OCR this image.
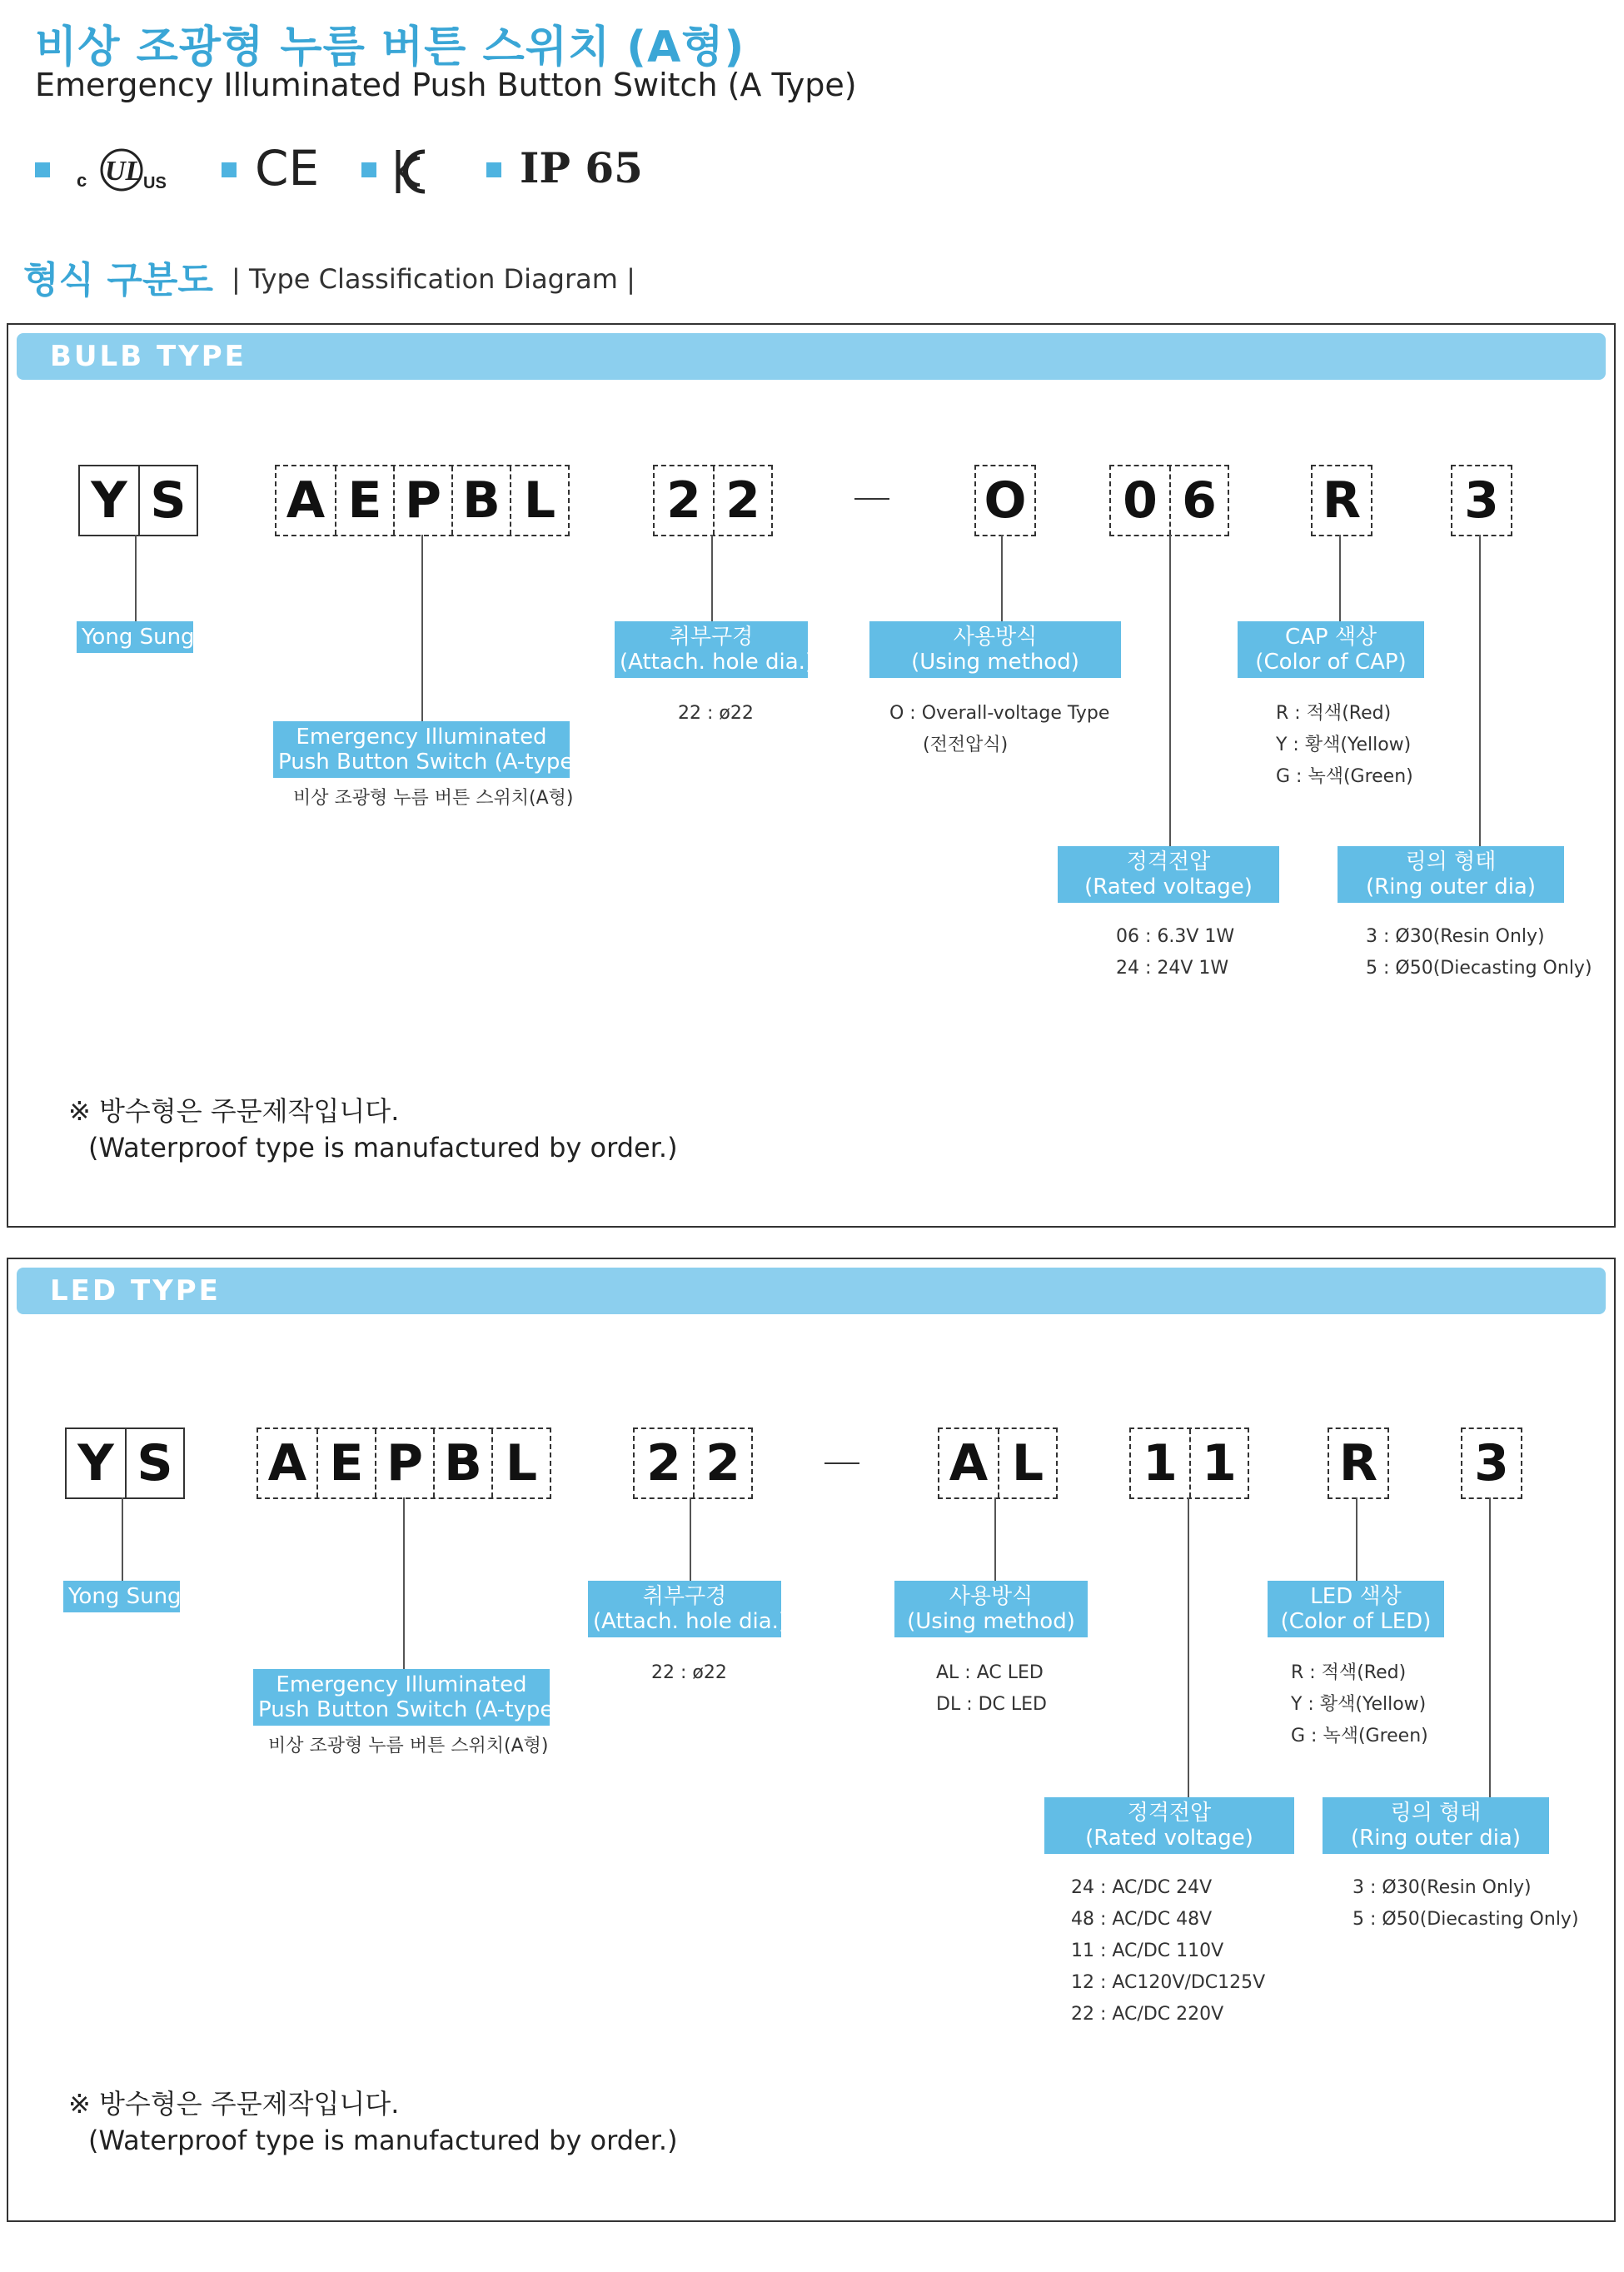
비상 조광형 누름 버튼 스위치 (A형)
Emergency Illuminated Push Button Switch (A Type)
c UL US CE	IP 65
형식 구분도 | Type Classification Diagram |
BULB TYPE
Y S A E P B L 2 2	O 0 6 R 3
Yong Sung
Emergency Illuminated
Push Button Switch (A-type)
비상 조광형 누름 버튼 스위치(A형)
취부구경
(Attach. hole dia.)
22 : ø22
사용방식
(Using method)
O : Overall-voltage Type
(전전압식)
CAP 색상
(Color of CAP)
R : 적색(Red)
Y : 황색(Yellow)
G : 녹색(Green)
정격전압
(Rated voltage)
06 : 6.3V 1W
24 : 24V 1W
링의 형태
(Ring outer dia)
3 : Ø30(Resin Only)
5 : Ø50(Diecasting Only)
※ 방수형은 주문제작입니다.
(Waterproof type is manufactured by order.)
LED TYPE
Y S A E P B L 2 2	A L 1 1 R 3
Yong Sung
Emergency Illuminated
Push Button Switch (A-type)
비상 조광형 누름 버튼 스위치(A형)
취부구경
(Attach. hole dia.)
22 : ø22
사용방식
(Using method)
AL : AC LED
DL : DC LED
LED 색상
(Color of LED)
R : 적색(Red)
Y : 황색(Yellow)
G : 녹색(Green)
정격전압
(Rated voltage)
24 : AC/DC 24V
48 : AC/DC 48V
11 : AC/DC 110V
12 : AC120V/DC125V
22 : AC/DC 220V
링의 형태
(Ring outer dia)
3 : Ø30(Resin Only)
5 : Ø50(Diecasting Only)
※ 방수형은 주문제작입니다.
(Waterproof type is manufactured by order.)
